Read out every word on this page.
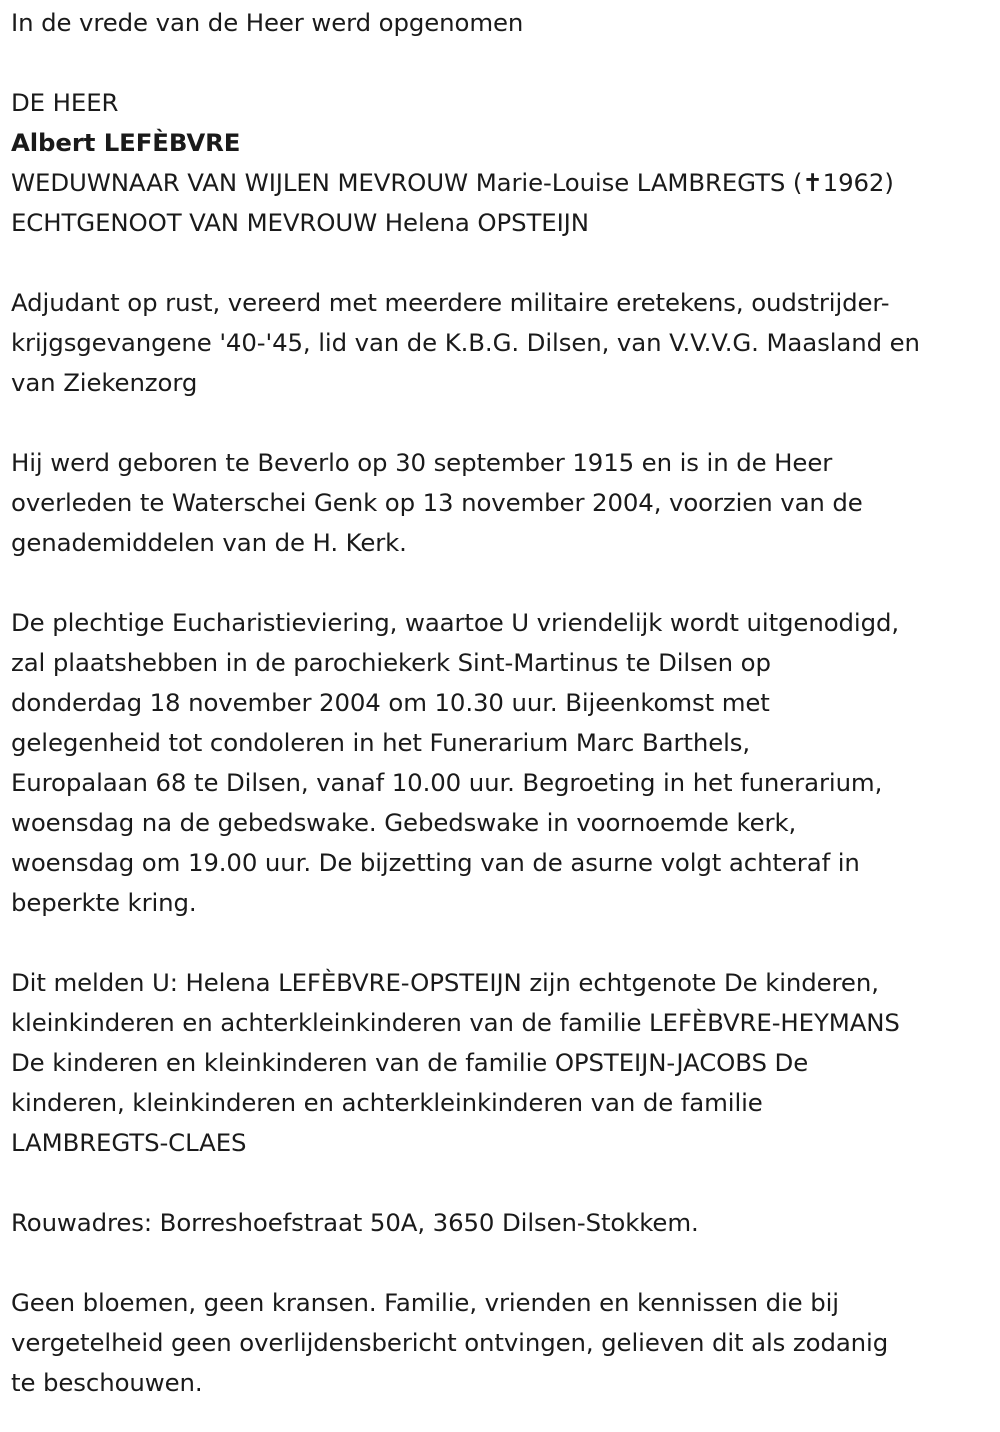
In de vrede van de Heer werd opgenomen

DE HEER

Albert LEFÈBVRE

WEDUWNAAR VAN WIJLEN MEVROUW Marie-Louise LAMBREGTS (✝1962)

ECHTGENOOT VAN MEVROUW Helena OPSTEIJN

Adjudant op rust, vereerd met meerdere militaire eretekens, oudstrijder-

krijgsgevangene '40-'45, lid van de K.B.G. Dilsen, van V.V.V.G. Maasland en

van Ziekenzorg

Hij werd geboren te Beverlo op 30 september 1915 en is in de Heer

overleden te Waterschei Genk op 13 november 2004, voorzien van de

genademiddelen van de H. Kerk.

De plechtige Eucharistieviering, waartoe U vriendelijk wordt uitgenodigd,

zal plaatshebben in de parochiekerk Sint-Martinus te Dilsen op

donderdag 18 november 2004 om 10.30 uur. Bijeenkomst met

gelegenheid tot condoleren in het Funerarium Marc Barthels,

Europalaan 68 te Dilsen, vanaf 10.00 uur. Begroeting in het funerarium,

woensdag na de gebedswake. Gebedswake in voornoemde kerk,

woensdag om 19.00 uur. De bijzetting van de asurne volgt achteraf in

beperkte kring.

Dit melden U: Helena LEFÈBVRE-OPSTEIJN zijn echtgenote De kinderen,

kleinkinderen en achterkleinkinderen van de familie LEFÈBVRE-HEYMANS

De kinderen en kleinkinderen van de familie OPSTEIJN-JACOBS De

kinderen, kleinkinderen en achterkleinkinderen van de familie

LAMBREGTS-CLAES

Rouwadres: Borreshoefstraat 50A, 3650 Dilsen-Stokkem.

Geen bloemen, geen kransen. Familie, vrienden en kennissen die bij

vergetelheid geen overlijdensbericht ontvingen, gelieven dit als zodanig

te beschouwen.
